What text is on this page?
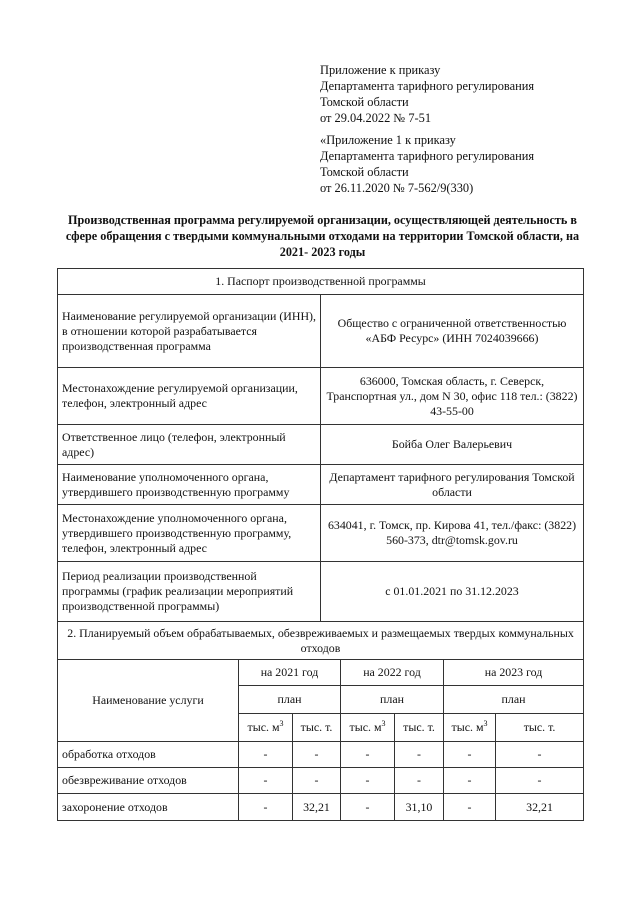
Приложение к приказу
Департамента тарифного регулирования
Томской области
от 29.04.2022 № 7-51
«Приложение 1 к приказу
Департамента тарифного регулирования
Томской области
от 26.11.2020 № 7-562/9(330)
Производственная программа регулируемой организации, осуществляющей деятельность в сфере обращения с твердыми коммунальными отходами на территории Томской области, на 2021- 2023 годы
1. Паспорт производственной программы	
Наименование регулируемой организации (ИНН), в отношении которой разрабатывается производственная программа	Общество с ограниченной ответственностью «АБФ Ресурс» (ИНН 7024039666)
Местонахождение регулируемой организации, телефон, электронный адрес	636000, Томская область, г. Северск, Транспортная ул., дом N 30, офис 118 тел.: (3822) 43-55-00
Ответственное лицо (телефон, электронный адрес)	Бойба Олег Валерьевич
Наименование уполномоченного органа, утвердившего производственную программу	Департамент тарифного регулирования Томской области
Местонахождение уполномоченного органа, утвердившего производственную программу, телефон, электронный адрес	634041, г. Томск, пр. Кирова 41, тел./факс: (3822) 560-373, dtr@tomsk.gov.ru
Период реализации производственной программы (график реализации мероприятий производственной программы)	с 01.01.2021 по 31.12.2023
2. Планируемый объем обрабатываемых, обезвреживаемых и размещаемых твердых коммунальных отходов						
Наименование услуги	на 2021 год		на 2022 год		на 2023 год	
	план		план		план	
	тыс. $м^3$	тыс. т.	тыс. $м^3$	тыс. т.	тыс. $м^3$	тыс. т.
обработка отходов	-	-	-	-	-	-
обезвреживание отходов	-	-	-	-	-	-
захоронение отходов	-	32,21	-	31,10	-	32,21
